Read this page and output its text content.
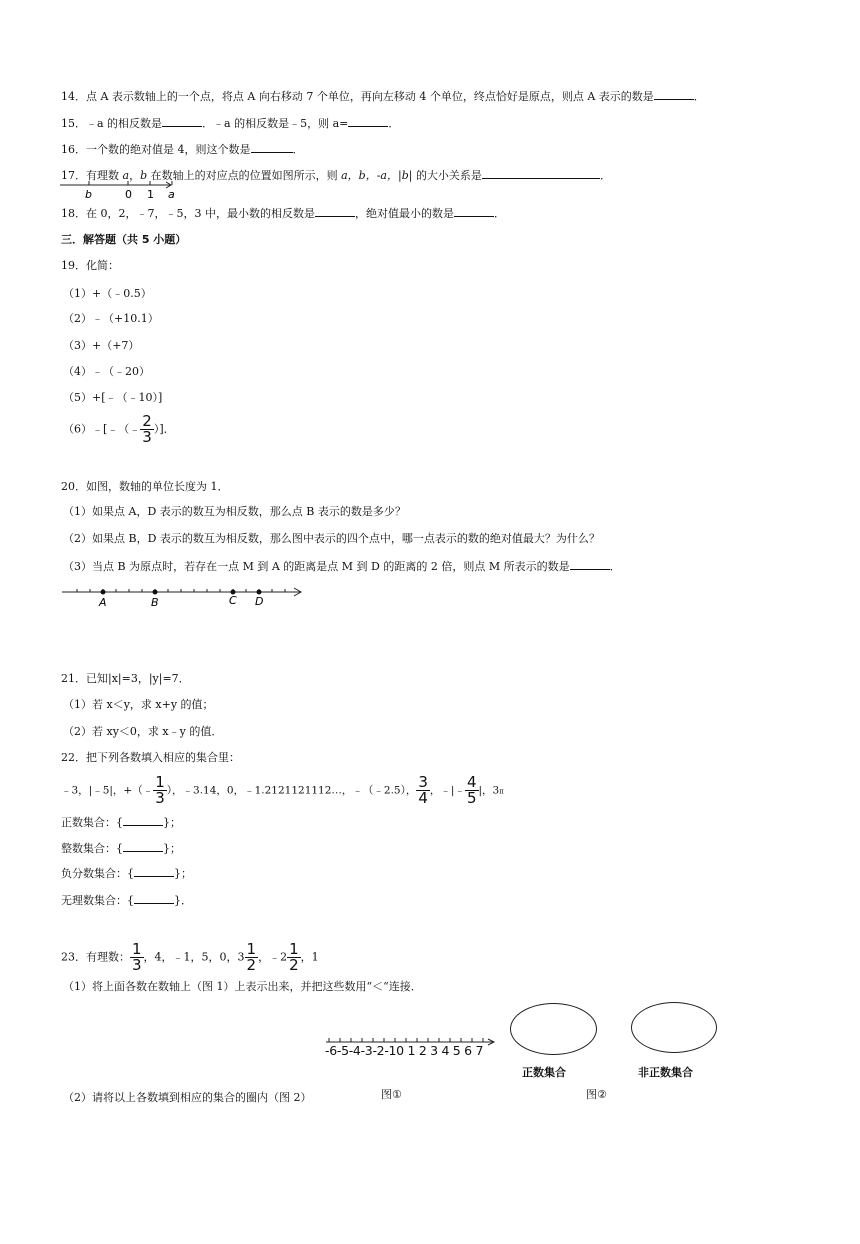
14．点 A 表示数轴上的一个点，将点 A 向右移动 7 个单位，再向左移动 4 个单位，终点恰好是原点，则点 A 表示的数是	．
15．﹣a 的相反数是	．﹣a 的相反数是﹣5，则 a=	．
16．一个数的绝对值是 4，则这个数是	．
17．有理数 a，b 在数轴上的对应点的位置如图所示，则 a，b，-a，|b| 的大小关系是	．
b	0 1 a
18．在 0，2，﹣7，﹣5，3 中，最小数的相反数是	，绝对值最小的数是	．
三．解答题（共 5 小题）
19．化简：
（1）+（﹣0.5）
（2）﹣（+10.1）
（3）+（+7）
（4）﹣（﹣20）
（5）+[﹣（﹣10）]
（6）﹣[﹣（﹣ $\frac{2}{3}$ ）]．
20．如图，数轴的单位长度为 1．
（1）如果点 A，D 表示的数互为相反数，那么点 B 表示的数是多少？
（2）如果点 B，D 表示的数互为相反数，那么图中表示的四个点中，哪一点表示的数的绝对值最大？为什么？
（3）当点 B 为原点时，若存在一点 M 到 A 的距离是点 M 到 D 的距离的 2 倍，则点 M 所表示的数是	．
A	B	C D
21．已知|x|=3，|y|=7．
（1）若 x＜y，求 x+y 的值；
（2）若 xy＜0，求 x﹣y 的值．
22．把下列各数填入相应的集合里：
﹣3，|﹣5|，+（﹣ $\frac{1}{3}$ ），﹣3.14，0，﹣1.2121121112…，﹣（﹣2.5）， $\frac{3}{4}$ ，﹣|﹣ $\frac{4}{5}$ |，3π
正数集合：{	}；
整数集合：{	}；
负分数集合：{	}；
无理数集合：{	}．
23．有理数： $\frac{1}{3}$ ，4，﹣1，5，0，$3 \frac{1}{2}$ ，﹣2 $\frac{1}{2}$ ，1
（1）将上面各数在数轴上（图 1）上表示出来，并把这些数用“＜“连接．
-6-5-4-3-2-10 1 2 3 4 5 6 7
图①
正数集合	非正数集合
图②
（2）请将以上各数填到相应的集合的圈内（图 2）
